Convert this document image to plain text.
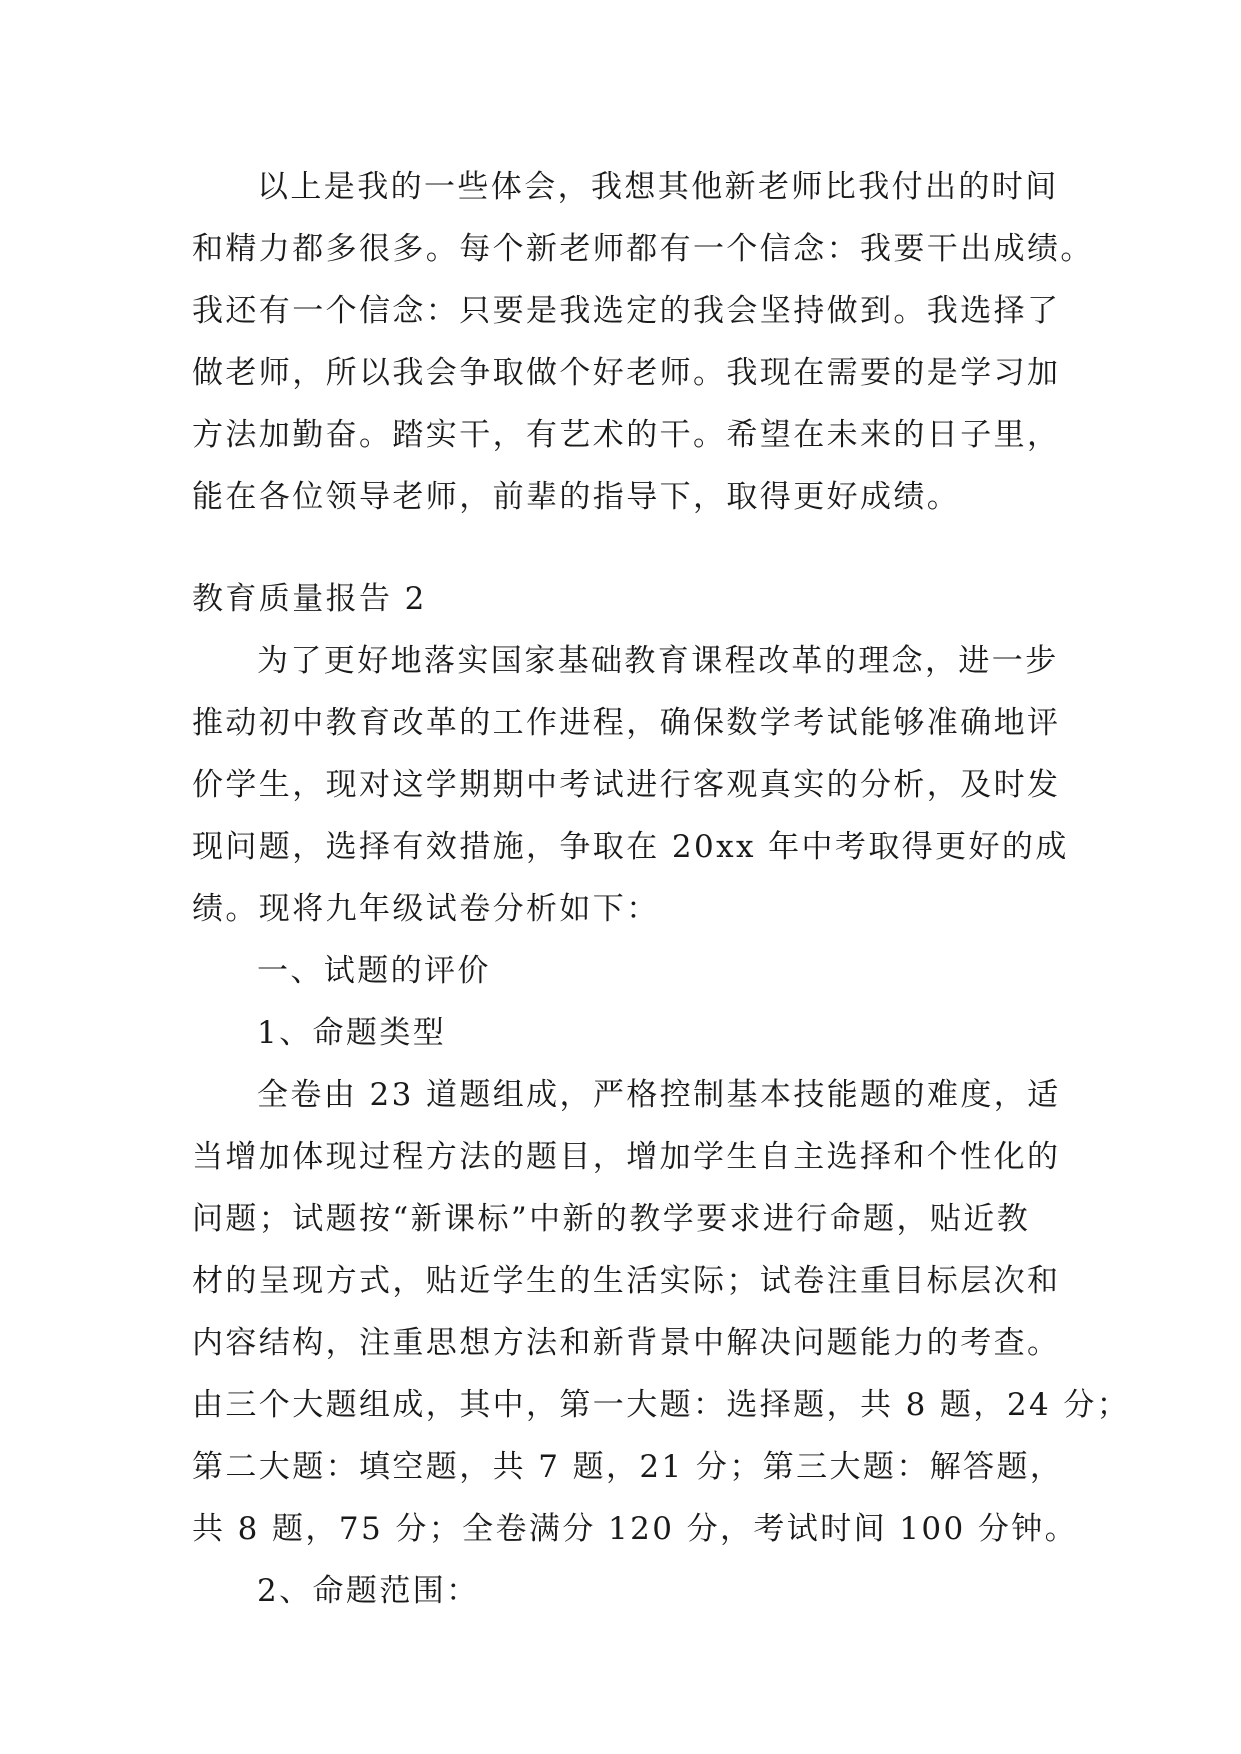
以上是我的一些体会，我想其他新老师比我付出的时间
和精力都多很多。每个新老师都有一个信念：我要干出成绩。
我还有一个信念：只要是我选定的我会坚持做到。我选择了
做老师，所以我会争取做个好老师。我现在需要的是学习加
方法加勤奋。踏实干，有艺术的干。希望在未来的日子里，
能在各位领导老师，前辈的指导下，取得更好成绩。
教育质量报告 2
为了更好地落实国家基础教育课程改革的理念，进一步
推动初中教育改革的工作进程，确保数学考试能够准确地评
价学生，现对这学期期中考试进行客观真实的分析，及时发
现问题，选择有效措施，争取在 20xx 年中考取得更好的成
绩。现将九年级试卷分析如下：
一、试题的评价
1、命题类型
全卷由 23 道题组成，严格控制基本技能题的难度，适
当增加体现过程方法的题目，增加学生自主选择和个性化的
问题；试题按“新课标”中新的教学要求进行命题，贴近教
材的呈现方式，贴近学生的生活实际；试卷注重目标层次和
内容结构，注重思想方法和新背景中解决问题能力的考查。
由三个大题组成，其中，第一大题：选择题，共 8 题，24 分；
第二大题：填空题，共 7 题，21 分；第三大题：解答题，
共 8 题，75 分；全卷满分 120 分，考试时间 100 分钟。
2、命题范围：
